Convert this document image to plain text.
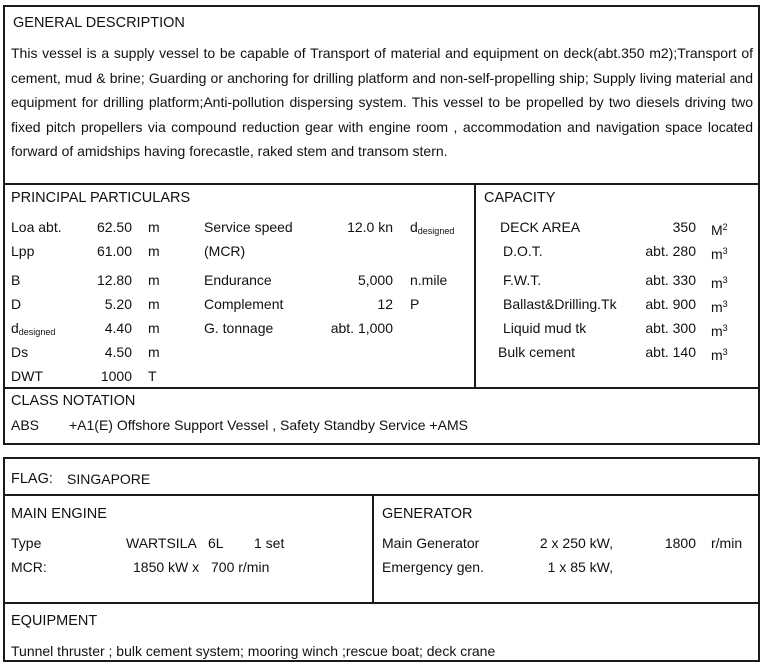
GENERAL DESCRIPTION
This vessel is a supply vessel to be capable of Transport of material and equipment on deck(abt.350 m2);Transport of cement, mud & brine; Guarding or anchoring for drilling platform and non-self-propelling ship; Supply living material and equipment for drilling platform;Anti-pollution dispersing system. This vessel to be propelled by two diesels driving two fixed pitch propellers via compound reduction gear with engine room , accommodation and navigation space located forward of amidships having forecastle, raked stem and transom stern.
PRINCIPAL PARTICULARS
Loa abt.	62.50 m
Lpp	61.00 m
B	12.80 m
D	5.20 m
$d_{designed}$	4.40 m
Ds	4.50 m
DWT	1000 T
Service speed	12.0 kn $d_{designed}$
(MCR)
Endurance	5,000 n.mile
Complement	12 P
G. tonnage	abt. 1,000
CAPACITY
DECK AREA	350 $M^2$
D.O.T.	abt. 280 $m^3$
F.W.T.	abt. 330 $m^3$
Ballast&Drilling.Tk	abt. 900 $m^3$
Liquid mud tk	abt. 300 $m^3$
Bulk cement	abt. 140 $m^3$
CLASS NOTATION
ABS +A1(E) Offshore Support Vessel , Safety Standby Service +AMS
FLAG: SINGAPORE
MAIN ENGINE
Type	WARTSILA 6L 1 set
MCR:	1850 kW x 700 r/min
GENERATOR
Main Generator	2 x 250 kW,	1800 r/min
Emergency gen.	1 x 85 kW,
EQUIPMENT
Tunnel thruster ; bulk cement system; mooring winch ;rescue boat; deck crane
